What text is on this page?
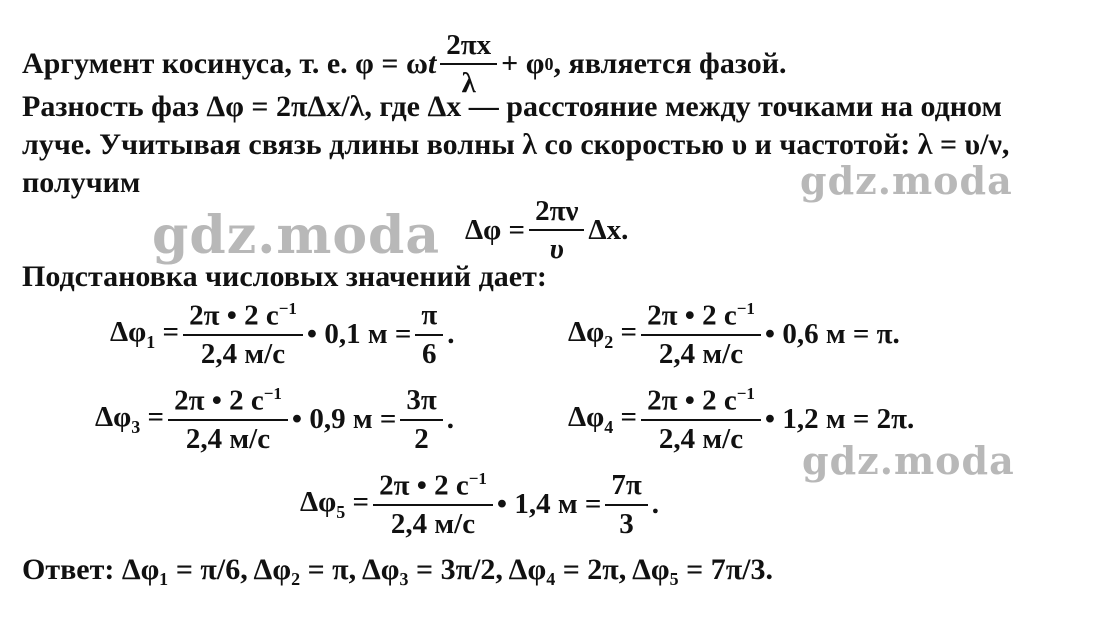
Аргумент косинуса, т. е. φ = ω t $\frac{2\pi x}{\lambda} + \varphi$ 0 , является фазой.
Разность фаз Δφ = 2πΔx/λ, где Δx — расстояние между точками на одном
луче. Учитывая связь длины волны λ со скоростью υ и частотой: λ = υ/ν,
получим	gdz.moda
gdz.moda
gdz.moda
$\Delta\varphi = \frac{2\pi\nu}{\upsilon} \Delta x$.
Подстановка числовых значений дает:
$\Delta\varphi_1 = \frac{2\pi • 2 с^{-1}}{2,4 м/с}$ • 0,1 $м = \frac{\pi}{6}$ .	$\Delta\varphi_2 = \frac{2\pi • 2 с^{-1}}{2,4 м/с}$ • 0,6 м = π.
$\Delta\varphi_3 = \frac{2\pi • 2 с^{-1}}{2,4 м/с}$ • 0,9 $м = \frac{3\pi}{2}$ .	$\Delta\varphi_4 = \frac{2\pi • 2 с^{-1}}{2,4 м/с}$ • 1,2 м = 2π.
$\Delta\varphi_5 = \frac{2\pi • 2 с^{-1}}{2,4 м/с}$ • 1,4 $м = \frac{7\pi}{3}$ .
Ответ: Δφ₁ = π/6, Δφ₂ = π, Δφ₃ = 3π/2, Δφ₄ = 2π, Δφ₅ = 7π/3.
